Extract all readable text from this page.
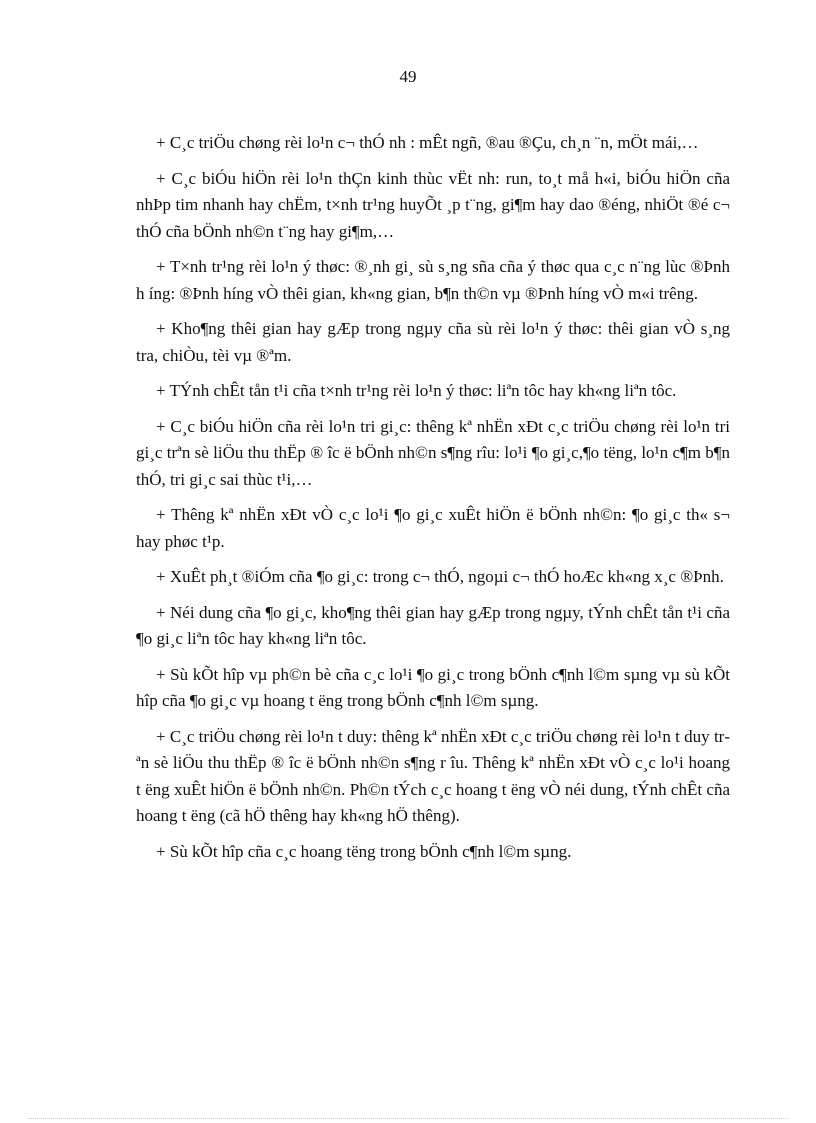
49

+ C¸c triÖu chøng rèi lo¹n c¬ thÓ nh : mÊt ngñ, ®au ®Çu, ch¸n ¨n, mÖt mái,…

+ C¸c biÓu hiÖn rèi lo¹n thÇn kinh thùc vËt nh: run, to¸t må h«i, biÓu hiÖn cña nhÞp tim nhanh hay chËm, t×nh tr¹ng huyÕt ¸p t¨ng, gi¶m hay dao ®éng, nhiÖt ®é c¬ thÓ cña bÖnh nh©n t¨ng hay gi¶m,…

+ T×nh tr¹ng rèi lo¹n ý thøc: ®¸nh gi¸ sù s¸ng sña cña ý thøc qua c¸c n¨ng lùc ®Þnh h íng: ®Þnh híng vÒ thêi gian, kh«ng gian, b¶n th©n vµ ®Þnh híng vÒ m«i trêng.

+ Kho¶ng thêi gian hay gÆp trong ngµy cña sù rèi lo¹n ý thøc: thêi gian vÒ s¸ng tra, chiÒu, tèi vµ ®ªm.

+ TÝnh chÊt tån t¹i cña t×nh tr¹ng rèi lo¹n ý thøc: liªn tôc hay kh«ng liªn tôc.

+ C¸c biÓu hiÖn cña rèi lo¹n tri gi¸c: thêng kª nhËn xÐt c¸c triÖu chøng rèi lo¹n tri gi¸c trªn sè liÖu thu thËp ® îc ë bÖnh nh©n s¶ng rîu: lo¹i ¶o gi¸c,¶o tëng, lo¹n c¶m b¶n thÓ, tri gi¸c sai thùc t¹i,…

+ Thêng kª nhËn xÐt vÒ c¸c lo¹i ¶o gi¸c xuÊt hiÖn ë bÖnh nh©n: ¶o gi¸c th« s¬ hay phøc t¹p.

+ XuÊt ph¸t ®iÓm cña ¶o gi¸c: trong c¬ thÓ, ngoµi c¬ thÓ hoÆc kh«ng x¸c ®Þnh.

+ Néi dung cña ¶o gi¸c, kho¶ng thêi gian hay gÆp trong ngµy, tÝnh chÊt tån t¹i cña ¶o gi¸c liªn tôc hay kh«ng liªn tôc.

+ Sù kÕt hîp vµ ph©n bè cña c¸c lo¹i ¶o gi¸c trong bÖnh c¶nh l©m sµng vµ sù kÕt hîp cña ¶o gi¸c vµ hoang t ëng trong bÖnh c¶nh l©m sµng.

+ C¸c triÖu chøng rèi lo¹n t duy: thêng kª nhËn xÐt c¸c triÖu chøng rèi lo¹n t duy trªn sè liÖu thu thËp ® îc ë bÖnh nh©n s¶ng r îu. Thêng kª nhËn xÐt vÒ c¸c lo¹i hoang t ëng xuÊt hiÖn ë bÖnh nh©n. Ph©n tÝch c¸c hoang t ëng vÒ néi dung, tÝnh chÊt cña hoang t ëng (cã hÖ thêng hay kh«ng hÖ thêng).

+ Sù kÕt hîp cña c¸c hoang tëng trong bÖnh c¶nh l©m sµng.
